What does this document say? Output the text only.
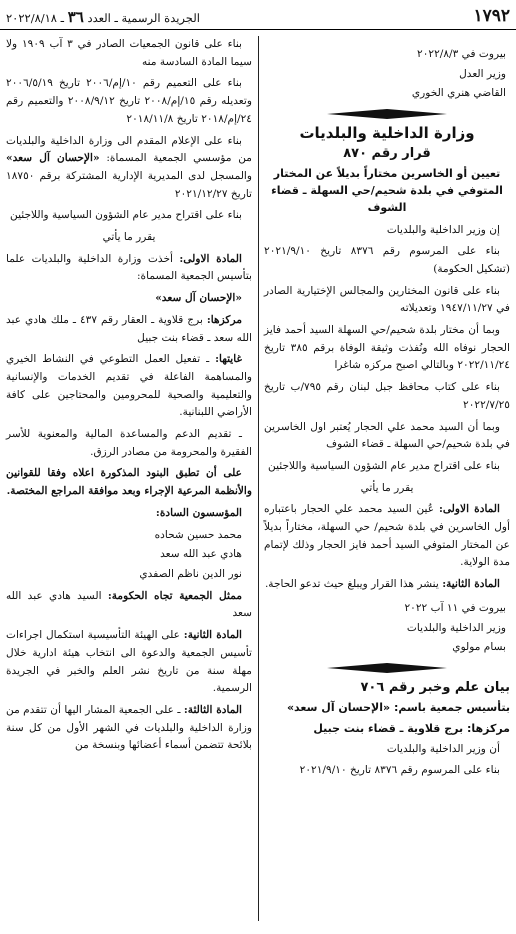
١٧٩٢
الجريدة الرسمية ـ العدد ٣٦ ـ ٢٠٢٢/٨/١٨

بيروت في ٢٠٢٢/٨/٣

وزير العدل

القاضي هنري الخوري

وزارة الداخلية والبلديات
قرار رقم ٨٧٠
تعيين أو الخاسرين مختاراً بديلاً عن المختار المتوفي في بلدة شحيم/حي السهلة ـ قضاء الشوف

إن وزير الداخلية والبلديات

بناء على المرسوم رقم ٨٣٧٦ تاريخ ٢٠٢١/٩/١٠ (تشكيل الحكومة)

بناء على قانون المختارين والمجالس الإختيارية الصادر في ١٩٤٧/١١/٢٧ وتعديلاته

وبما أن مختار بلدة شحيم/حي السهلة السيد أحمد فايز الحجار نوفاه الله ونُفذت وثيقة الوفاة برقم ٣٨٥ تاريخ ٢٠٢٢/١١/٢٤ وبالتالي اصبح مركزه شاغرا

بناء على كتاب محافظ جبل لبنان رقم ٧٩٥/ب تاريخ ٢٠٢٢/٧/٢٥

وبما أن السيد محمد علي الحجار يُعتبر اول الخاسرين في بلدة شحيم/حي السهلة ـ قضاء الشوف

بناء على اقتراح مدير عام الشؤون السياسية واللاجئين

يقرر ما يأتي

المادة الاولى: عُين السيد محمد علي الحجار باعتباره أول الخاسرين في بلدة شحيم/ حي السهلة، مختاراً بديلاً عن المختار المتوفي السيد أحمد فايز الحجار وذلك لإتمام مدة الولاية.

المادة الثانية: ينشر هذا القرار ويبلغ حيث تدعو الحاجة.

بيروت في ١١ آب ٢٠٢٢

وزير الداخلية والبلديات

بسام مولوي

بيان علم وخبر رقم ٧٠٦
بتأسيس جمعية باسم: «الإحسان آل سعد»
مركزها: برج قلاوية ـ قضاء بنت جبيل

أن وزير الداخلية والبلديات

بناء على المرسوم رقم ٨٣٧٦ تاريخ ٢٠٢١/٩/١٠

بناء على قانون الجمعيات الصادر في ٣ آب ١٩٠٩ ولا سيما المادة السادسة منه

بناء على التعميم رقم ١٠/إم/٢٠٠٦ تاريخ ٢٠٠٦/٥/١٩ وتعديله رقم ١٥/إم/٢٠٠٨ تاريخ ٢٠٠٨/٩/١٢ والتعميم رقم ٢٤/إم/٢٠١٨ تاريخ ٢٠١٨/١١/٨

بناء على الإعلام المقدم الى وزارة الداخلية والبلديات من مؤسسي الجمعية المسماة: «الإحسان آل سعد» والمسجل لدى المديرية الإدارية المشتركة برقم ١٨٧٥٠ تاريخ ٢٠٢١/١٢/٢٧

بناء على اقتراح مدير عام الشؤون السياسية واللاجئين

يقرر ما يأتي

المادة الاولى: أخذت وزارة الداخلية والبلديات علما بتأسيس الجمعية المسماة:

«الإحسان آل سعد»

مركزها: برج قلاوية ـ العقار رقم ٤٣٧ ـ ملك هادي عبد الله سعد ـ قضاء بنت جبيل

غايتها: ـ تفعيل العمل التطوعي في النشاط الخيري والمساهمة الفاعلة في تقديم الخدمات والإنسانية والتعليمية والصحية للمحرومين والمحتاجين على كافة الأراضي اللبنانية.

ـ تقديم الدعم والمساعدة المالية والمعنوية للأسر الفقيرة والمحرومة من مصادر الرزق.

على أن تطبق البنود المذكورة اعلاه وفقا للقوانين والأنظمة المرعية الإجراء وبعد موافقة المراجع المختصة.

المؤسسون السادة:

محمد حسين شحاده

هادي عبد الله سعد

نور الدين ناظم الصفدي

ممثل الجمعية تجاه الحكومة: السيد هادي عبد الله سعد

المادة الثانية: على الهيئة التأسيسية استكمال اجراءات تأسيس الجمعية والدعوة الى انتخاب هيئة ادارية خلال مهلة سنة من تاريخ نشر العلم والخبر في الجريدة الرسمية.

المادة الثالثة: ـ على الجمعية المشار اليها أن تتقدم من وزارة الداخلية والبلديات في الشهر الأول من كل سنة بلائحة تتضمن أسماء أعضائها وبنسخة من
